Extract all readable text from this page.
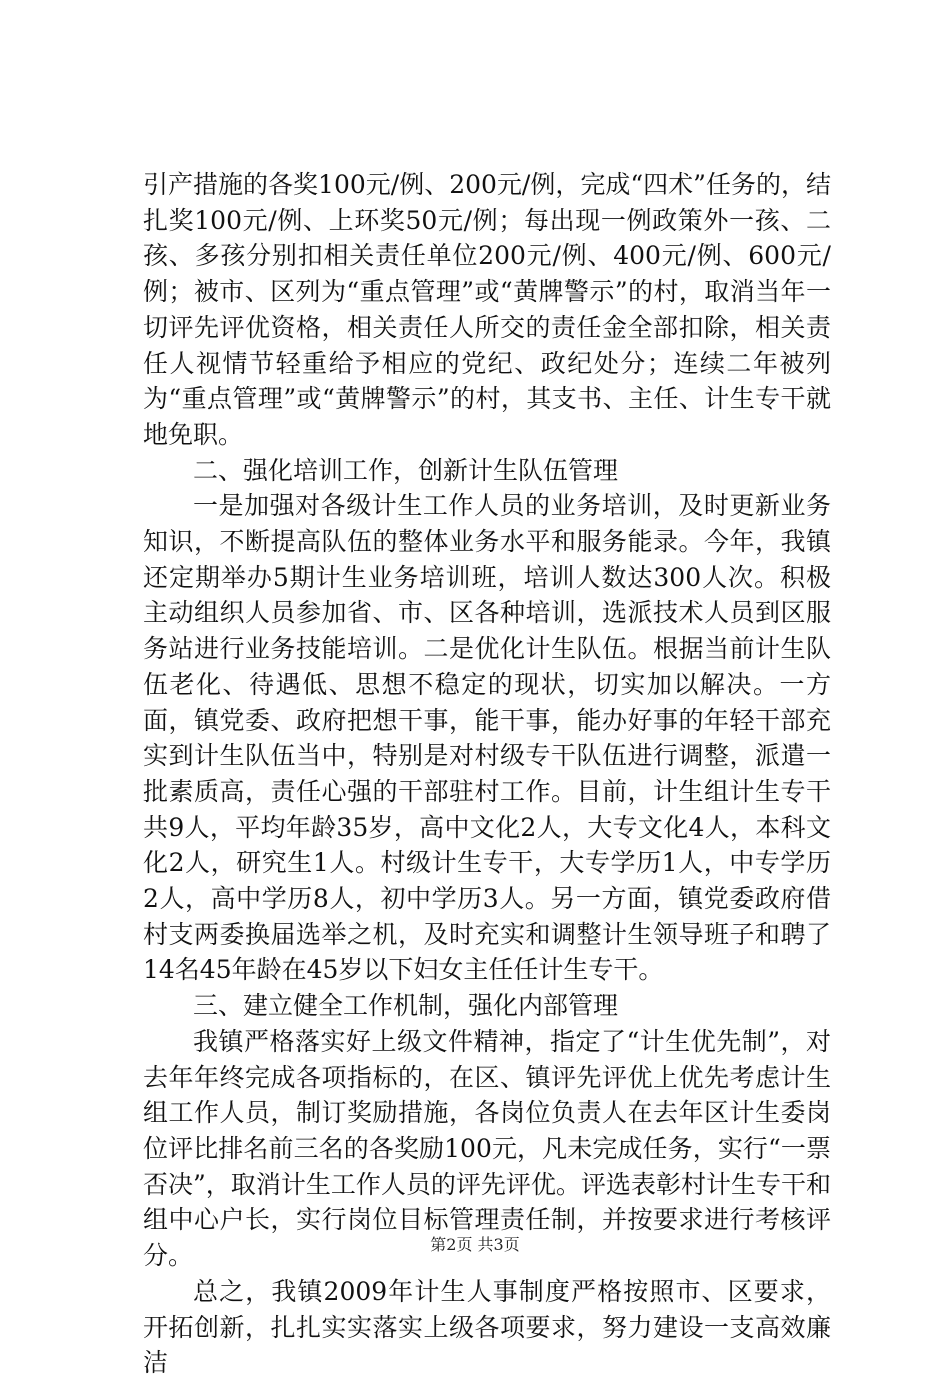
引产措施的各奖100元/例、200元/例，完成“四术”任务的，结扎奖100元/例、上环奖50元/例；每出现一例政策外一孩、二孩、多孩分别扣相关责任单位200元/例、400元/例、600元/例；被市、区列为“重点管理”或“黄牌警示”的村，取消当年一切评先评优资格，相关责任人所交的责任金全部扣除，相关责任人视情节轻重给予相应的党纪、政纪处分；连续二年被列为“重点管理”或“黄牌警示”的村，其支书、主任、计生专干就地免职。

二、强化培训工作，创新计生队伍管理

一是加强对各级计生工作人员的业务培训，及时更新业务知识，不断提高队伍的整体业务水平和服务能录。今年，我镇还定期举办5期计生业务培训班，培训人数达300人次。积极主动组织人员参加省、市、区各种培训，选派技术人员到区服务站进行业务技能培训。二是优化计生队伍。根据当前计生队伍老化、待遇低、思想不稳定的现状，切实加以解决。一方面，镇党委、政府把想干事，能干事，能办好事的年轻干部充实到计生队伍当中，特别是对村级专干队伍进行调整，派遣一批素质高，责任心强的干部驻村工作。目前，计生组计生专干共9人，平均年龄35岁，高中文化2人，大专文化4人，本科文化2人，研究生1人。村级计生专干，大专学历1人，中专学历2人，高中学历8人，初中学历3人。另一方面，镇党委政府借村支两委换届选举之机，及时充实和调整计生领导班子和聘了14名45年龄在45岁以下妇女主任任计生专干。

三、建立健全工作机制，强化内部管理

我镇严格落实好上级文件精神，指定了“计生优先制”，对去年年终完成各项指标的，在区、镇评先评优上优先考虑计生组工作人员，制订奖励措施，各岗位负责人在去年区计生委岗位评比排名前三名的各奖励100元，凡未完成任务，实行“一票否决”，取消计生工作人员的评先评优。评选表彰村计生专干和组中心户长，实行岗位目标管理责任制，并按要求进行考核评分。

总之，我镇2009年计生人事制度严格按照市、区要求，开拓创新，扎扎实实落实上级各项要求，努力建设一支高效廉洁

第2页 共3页
